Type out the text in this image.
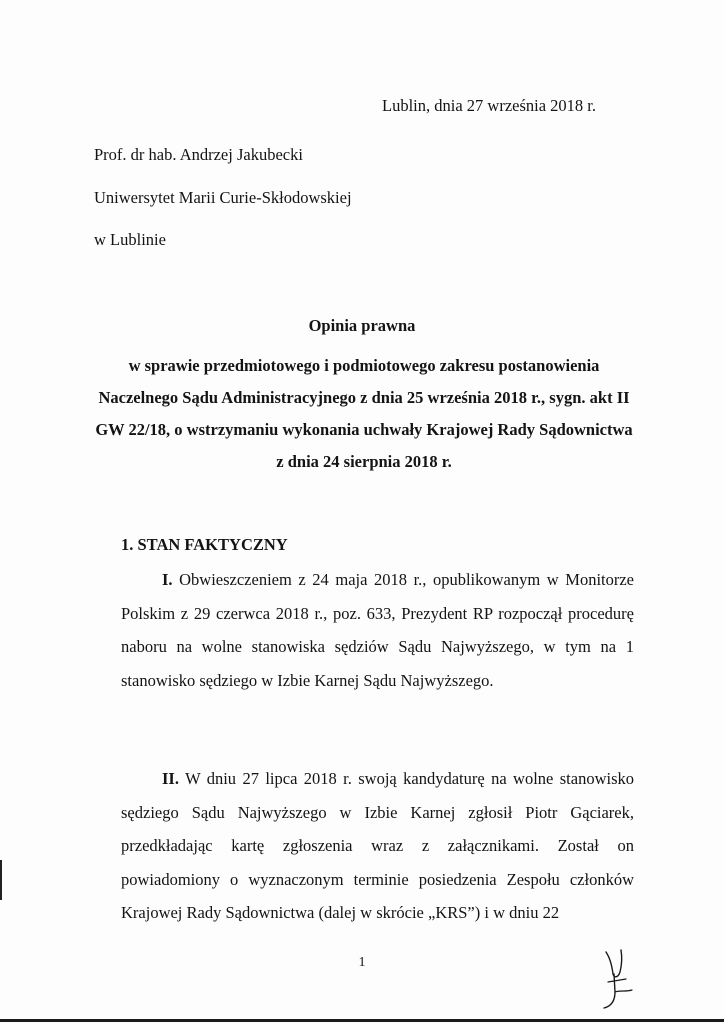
Lublin, dnia 27 września 2018 r.
Prof. dr hab. Andrzej Jakubecki
Uniwersytet Marii Curie-Skłodowskiej
w Lublinie
Opinia prawna
w sprawie przedmiotowego i podmiotowego zakresu postanowienia Naczelnego Sądu Administracyjnego z dnia 25 września 2018 r., sygn. akt II GW 22/18, o wstrzymaniu wykonania uchwały Krajowej Rady Sądownictwa z dnia 24 sierpnia 2018 r.
1. STAN FAKTYCZNY
I. Obwieszczeniem z 24 maja 2018 r., opublikowanym w Monitorze Polskim z 29 czerwca 2018 r., poz. 633, Prezydent RP rozpoczął procedurę naboru na wolne stanowiska sędziów Sądu Najwyższego, w tym na 1 stanowisko sędziego w Izbie Karnej Sądu Najwyższego.
II. W dniu 27 lipca 2018 r. swoją kandydaturę na wolne stanowisko sędziego Sądu Najwyższego w Izbie Karnej zgłosił Piotr Gąciarek, przedkładając kartę zgłoszenia wraz z załącznikami. Został on powiadomiony o wyznaczonym terminie posiedzenia Zespołu członków Krajowej Rady Sądownictwa (dalej w skrócie „KRS”) i w dniu 22
1
